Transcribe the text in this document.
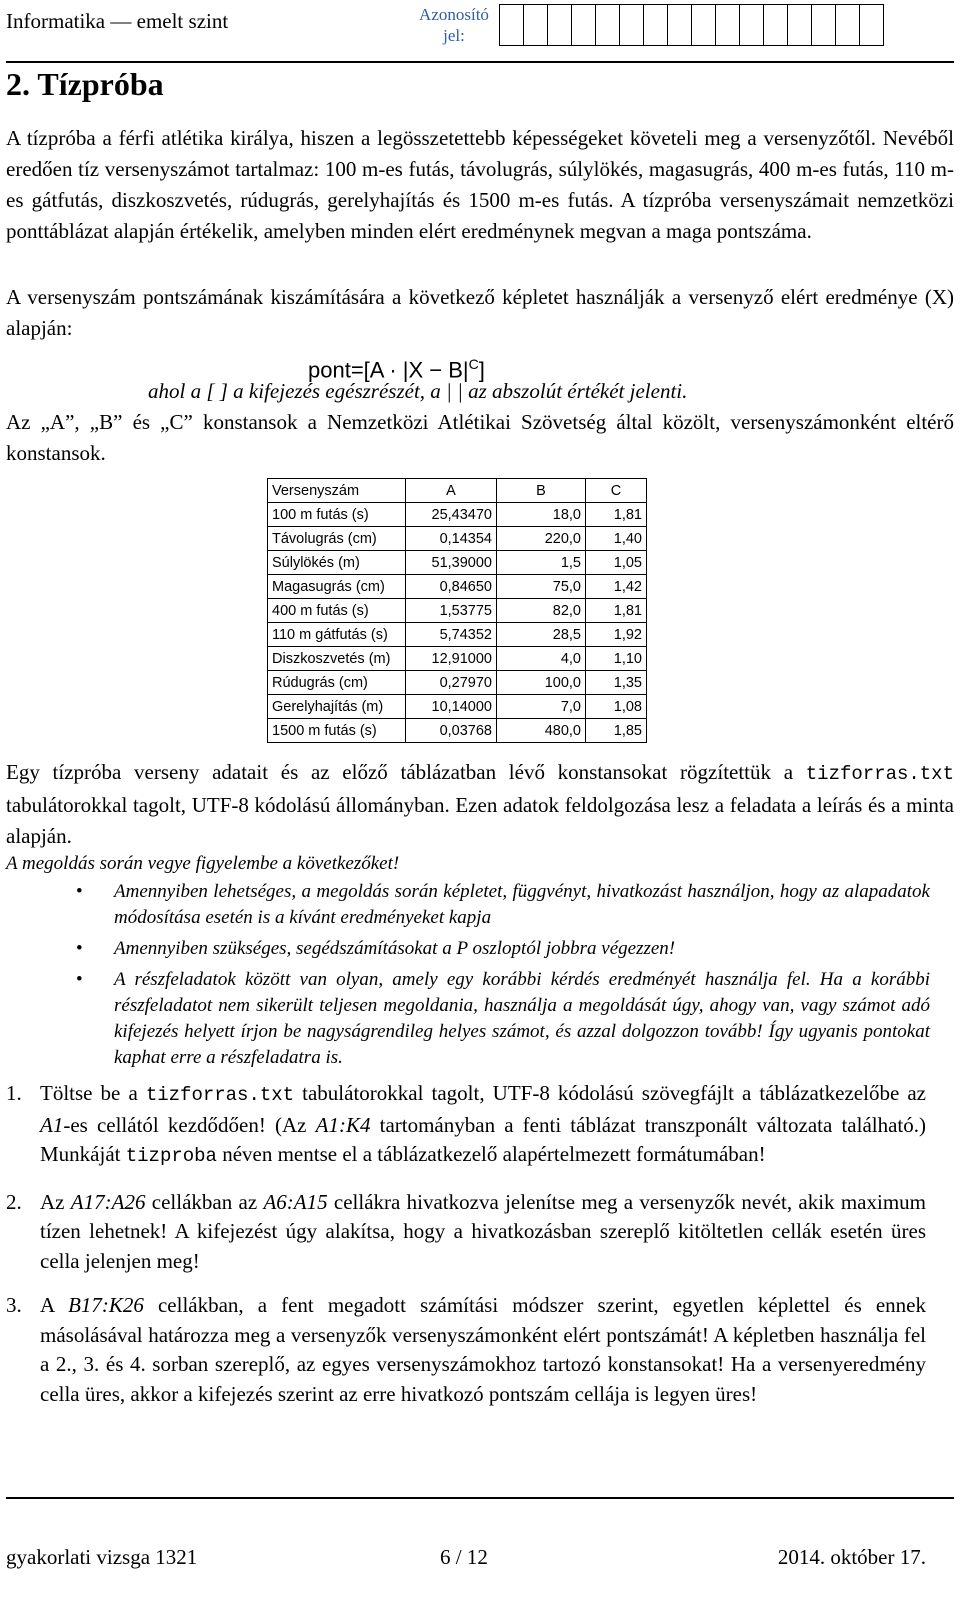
Informatika — emelt szint	Azonosító jel:
2. Tízpróba
A tízpróba a férfi atlétika királya, hiszen a legösszetettebb képességeket követeli meg a versenyzőtől. Nevéből eredően tíz versenyszámot tartalmaz: 100 m-es futás, távolugrás, súlylökés, magasugrás, 400 m-es futás, 110 m-es gátfutás, diszkoszvetés, rúdugrás, gerelyhajítás és 1500 m-es futás. A tízpróba versenyszámait nemzetközi ponttáblázat alapján értékelik, amelyben minden elért eredménynek megvan a maga pontszáma.
A versenyszám pontszámának kiszámítására a következő képletet használják a versenyző elért eredménye (X) alapján:
pont=[A · $|X - B|^C$]
ahol a [ ] a kifejezés egészrészét, a | | az abszolút értékét jelenti.
Az „A”, „B” és „C” konstansok a Nemzetközi Atlétikai Szövetség által közölt, versenyszámonként eltérő konstansok.
Versenyszám	A	B	C
100 m futás (s)	25,43470	18,0	1,81
Távolugrás (cm)	0,14354	220,0	1,40
Súlylökés (m)	51,39000	1,5	1,05
Magasugrás (cm)	0,84650	75,0	1,42
400 m futás (s)	1,53775	82,0	1,81
110 m gátfutás (s)	5,74352	28,5	1,92
Diszkoszvetés (m)	12,91000	4,0	1,10
Rúdugrás (cm)	0,27970	100,0	1,35
Gerelyhajítás (m)	10,14000	7,0	1,08
1500 m futás (s)	0,03768	480,0	1,85
Egy tízpróba verseny adatait és az előző táblázatban lévő konstansokat rögzítettük a tizforras.txt tabulátorokkal tagolt, UTF-8 kódolású állományban. Ezen adatok feldolgozása lesz a feladata a leírás és a minta alapján.
A megoldás során vegye figyelembe a következőket!
• Amennyiben lehetséges, a megoldás során képletet, függvényt, hivatkozást használjon, hogy az alapadatok módosítása esetén is a kívánt eredményeket kapja
• Amennyiben szükséges, segédszámításokat a P oszloptól jobbra végezzen!
• A részfeladatok között van olyan, amely egy korábbi kérdés eredményét használja fel. Ha a korábbi részfeladatot nem sikerült teljesen megoldania, használja a megoldását úgy, ahogy van, vagy számot adó kifejezés helyett írjon be nagyságrendileg helyes számot, és azzal dolgozzon tovább! Így ugyanis pontokat kaphat erre a részfeladatra is.
1. Töltse be a tizforras.txt tabulátorokkal tagolt, UTF-8 kódolású szövegfájlt a táblázatkezelőbe az A1-es cellától kezdődően! (Az A1:K4 tartományban a fenti táblázat transzponált változata található.) Munkáját tizproba néven mentse el a táblázatkezelő alapértelmezett formátumában!
2. Az A17:A26 cellákban az A6:A15 cellákra hivatkozva jelenítse meg a versenyzők nevét, akik maximum tízen lehetnek! A kifejezést úgy alakítsa, hogy a hivatkozásban szereplő kitöltetlen cellák esetén üres cella jelenjen meg!
3. A B17:K26 cellákban, a fent megadott számítási módszer szerint, egyetlen képlettel és ennek másolásával határozza meg a versenyzők versenyszámonként elért pontszámát! A képletben használja fel a 2., 3. és 4. sorban szereplő, az egyes versenyszámokhoz tartozó konstansokat! Ha a versenyeredmény cella üres, akkor a kifejezés szerint az erre hivatkozó pontszám cellája is legyen üres!
gyakorlati vizsga 1321	6 / 12	2014. október 17.
